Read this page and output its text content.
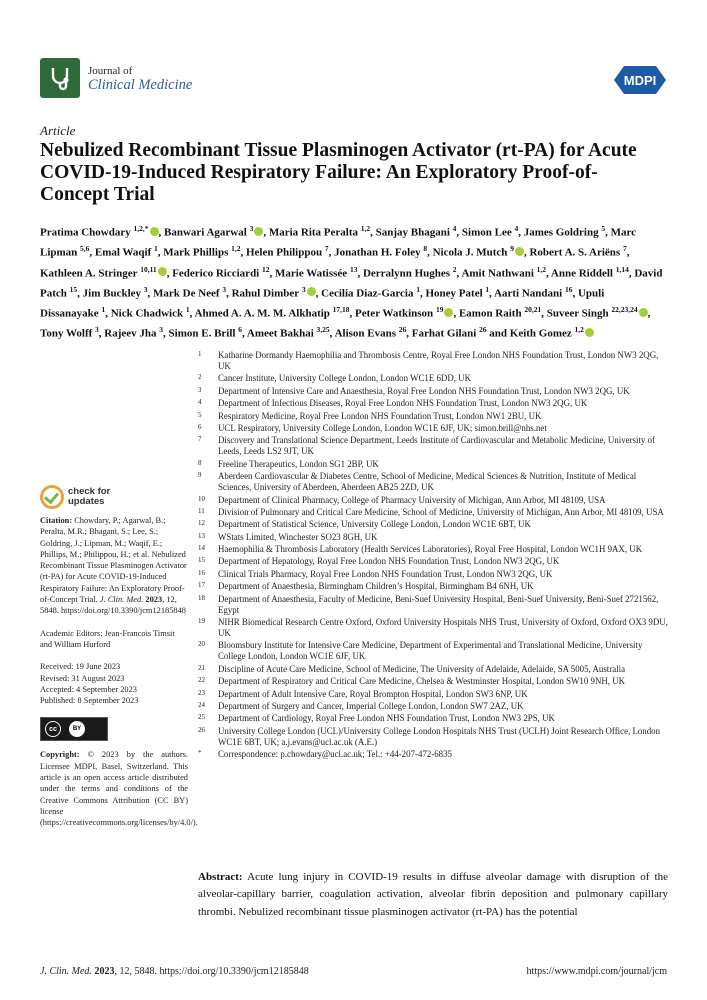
Journal of
Clinical Medicine	MDPI
Article
Nebulized Recombinant Tissue Plasminogen Activator (rt-PA) for Acute COVID-19-Induced Respiratory Failure: An Exploratory Proof-of-Concept Trial
Pratima Chowdary $^{1,2,*}$ , Banwari Agarwal $^3$ , Maria Rita Peralta $^{1,2}$, Sanjay Bhagani $^4$, Simon Lee $^4$, James Goldring $^5$, Marc Lipman $^{5,6}$, Emal Waqif $^1$, Mark Phillips $^{1,2}$, Helen Philippou $^7$, Jonathan H. Foley $^8$, Nicola J. Mutch $^9$ , Robert A. S. Ariëns $^7$, Kathleen A. Stringer $^{10,11}$ , Federico Ricciardi $^{12}$, Marie Watissée $^{13}$, Derralynn Hughes $^2$, Amit Nathwani $^{1,2}$, Anne Riddell $^{1,14}$, David Patch $^{15}$, Jim Buckley $^3$, Mark De Neef $^3$, Rahul Dimber $^3$ , Cecilia Diaz-Garcia $^1$, Honey Patel $^1$, Aarti Nandani $^{16}$, Upuli Dissanayake $^1$, Nick Chadwick $^1$, Ahmed A. A. M. M. Alkhatip $^{17,18}$, Peter Watkinson $^{19}$ , Eamon Raith $^{20,21}$, Suveer Singh $^{22,23,24}$ , Tony Wolff $^3$, Rajeev Jha $^3$, Simon E. Brill $^6$, Ameet Bakhai $^{3,25}$, Alison Evans $^{26}$, Farhat Gilani $^{26}$ and Keith Gomez $^{1,2}$
1	Katharine Dormandy Haemophilia and Thrombosis Centre, Royal Free London NHS Foundation Trust, London NW3 2QG, UK
2	Cancer Institute, University College London, London WC1E 6DD, UK
3	Department of Intensive Care and Anaesthesia, Royal Free London NHS Foundation Trust, London NW3 2QG, UK
4	Department of Infectious Diseases, Royal Free London NHS Foundation Trust, London NW3 2QG, UK
5	Respiratory Medicine, Royal Free London NHS Foundation Trust, London NW1 2BU, UK
6	UCL Respiratory, University College London, London WC1E 6JF, UK; simon.brill@nhs.net
7	Discovery and Translational Science Department, Leeds Institute of Cardiovascular and Metabolic Medicine, University of Leeds, Leeds LS2 9JT, UK
8	Freeline Therapeutics, London SG1 2BP, UK
9	Aberdeen Cardiovascular & Diabetes Centre, School of Medicine, Medical Sciences & Nutrition, Institute of Medical Sciences, University of Aberdeen, Aberdeen AB25 2ZD, UK
10	Department of Clinical Pharmacy, College of Pharmacy University of Michigan, Ann Arbor, MI 48109, USA
11	Division of Pulmonary and Critical Care Medicine, School of Medicine, University of Michigan, Ann Arbor, MI 48109, USA
12	Department of Statistical Science, University College London, London WC1E 6BT, UK
13	WStats Limited, Winchester SO23 8GH, UK
14	Haemophilia & Thrombosis Laboratory (Health Services Laboratories), Royal Free Hospital, London WC1H 9AX, UK
15	Department of Hepatology, Royal Free London NHS Foundation Trust, London NW3 2QG, UK
16	Clinical Trials Pharmacy, Royal Free London NHS Foundation Trust, London NW3 2QG, UK
17	Department of Anaesthesia, Birmingham Children’s Hospital, Birmingham B4 6NH, UK
18	Department of Anaesthesia, Faculty of Medicine, Beni-Suef University Hospital, Beni-Suef University, Beni-Suef 2721562, Egypt
19	NIHR Biomedical Research Centre Oxford, Oxford University Hospitals NHS Trust, University of Oxford, Oxford OX3 9DU, UK
20	Bloomsbury Institute for Intensive Care Medicine, Department of Experimental and Translational Medicine, University College London, London WC1E 6JF, UK
21	Discipline of Acute Care Medicine, School of Medicine, The University of Adelaide, Adelaide, SA 5005, Australia
22	Department of Respiratory and Critical Care Medicine, Chelsea & Westminster Hospital, London SW10 9NH, UK
23	Department of Adult Intensive Care, Royal Brompton Hospital, London SW3 6NP, UK
24	Department of Surgery and Cancer, Imperial College London, London SW7 2AZ, UK
25	Department of Cardiology, Royal Free London NHS Foundation Trust, London NW3 2PS, UK
26	University College London (UCL)/University College London Hospitals NHS Trust (UCLH) Joint Research Office, London WC1E 6BT, UK; a.j.evans@ucl.ac.uk (A.E.)
*	Correspondence: p.chowdary@ucl.ac.uk; Tel.: +44-207-472-6835
check for
updates
Citation: Chowdary, P.; Agarwal, B.; Peralta, M.R.; Bhagani, S.; Lee, S.; Goldring, J.; Lipman, M.; Waqif, E.; Phillips, M.; Philippou, H.; et al. Nebulized Recombinant Tissue Plasminogen Activator (rt-PA) for Acute COVID-19-Induced Respiratory Failure: An Exploratory Proof-of-Concept Trial. J. Clin. Med. 2023, 12, 5848. https://doi.org/10.3390/jcm12185848
Academic Editors: Jean-Francois Timsit and William Hurford

Received: 19 June 2023

Revised: 31 August 2023

Accepted: 4 September 2023

Published: 8 September 2023

cc	BY
Copyright: © 2023 by the authors. Licensee MDPI, Basel, Switzerland. This article is an open access article distributed under the terms and conditions of the Creative Commons Attribution (CC BY) license (https://creativecommons.org/licenses/by/4.0/).
Abstract: Acute lung injury in COVID-19 results in diffuse alveolar damage with disruption of the alveolar-capillary barrier, coagulation activation, alveolar fibrin deposition and pulmonary capillary thrombi. Nebulized recombinant tissue plasminogen activator (rt-PA) has the potential
J. Clin. Med. 2023, 12, 5848. https://doi.org/10.3390/jcm12185848	https://www.mdpi.com/journal/jcm
